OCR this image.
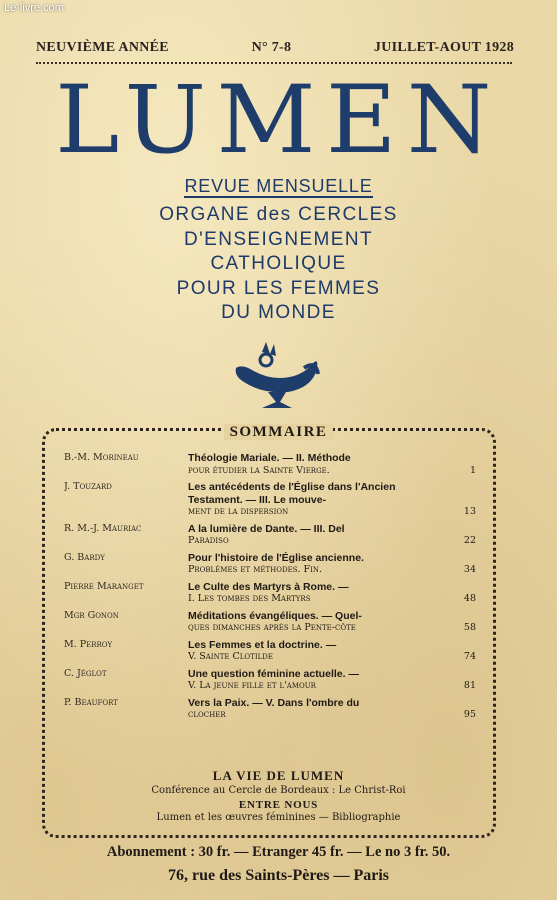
Le-livre.com
NEUVIÈME ANNÉE	N° 7-8	JUILLET-AOUT 1928
LUMEN
REVUE MENSUELLE
ORGANE des CERCLES
D'ENSEIGNEMENT
CATHOLIQUE
POUR LES FEMMES
DU MONDE
SOMMAIRE
B.-M. Morineau	Théologie Mariale. — II. Méthode
pour étudier la Sainte Vierge.	1
J. Touzard	Les antécédents de l'Église dans l'Ancien Testament. — III. Le mouve-
ment de la dispersion	13
R. M.-J. Mauriac	A la lumière de Dante. — III. Del
Paradiso	22
G. Bardy	Pour l'histoire de l'Église ancienne.
Problèmes et méthodes. Fin.	34
Pierre Maranget	Le Culte des Martyrs à Rome. —
I. Les tombes des Martyrs	48
Mgr Gonon	Méditations évangéliques. — Quel-
ques dimanches après la Pente-côte	58
M. Perroy	Les Femmes et la doctrine. —
V. Sainte Clotilde	74
C. Jéglot	Une question féminine actuelle. —
V. La jeune fille et l'amour	81
P. Beaufort	Vers la Paix. — V. Dans l'ombre du
clocher	95
LA VIE DE LUMEN
Conférence au Cercle de Bordeaux : Le Christ-Roi
ENTRE NOUS
Lumen et les œuvres féminines — Bibliographie
Abonnement : 30 fr. — Etranger 45 fr. — Le no 3 fr. 50.
76, rue des Saints-Pères — Paris
